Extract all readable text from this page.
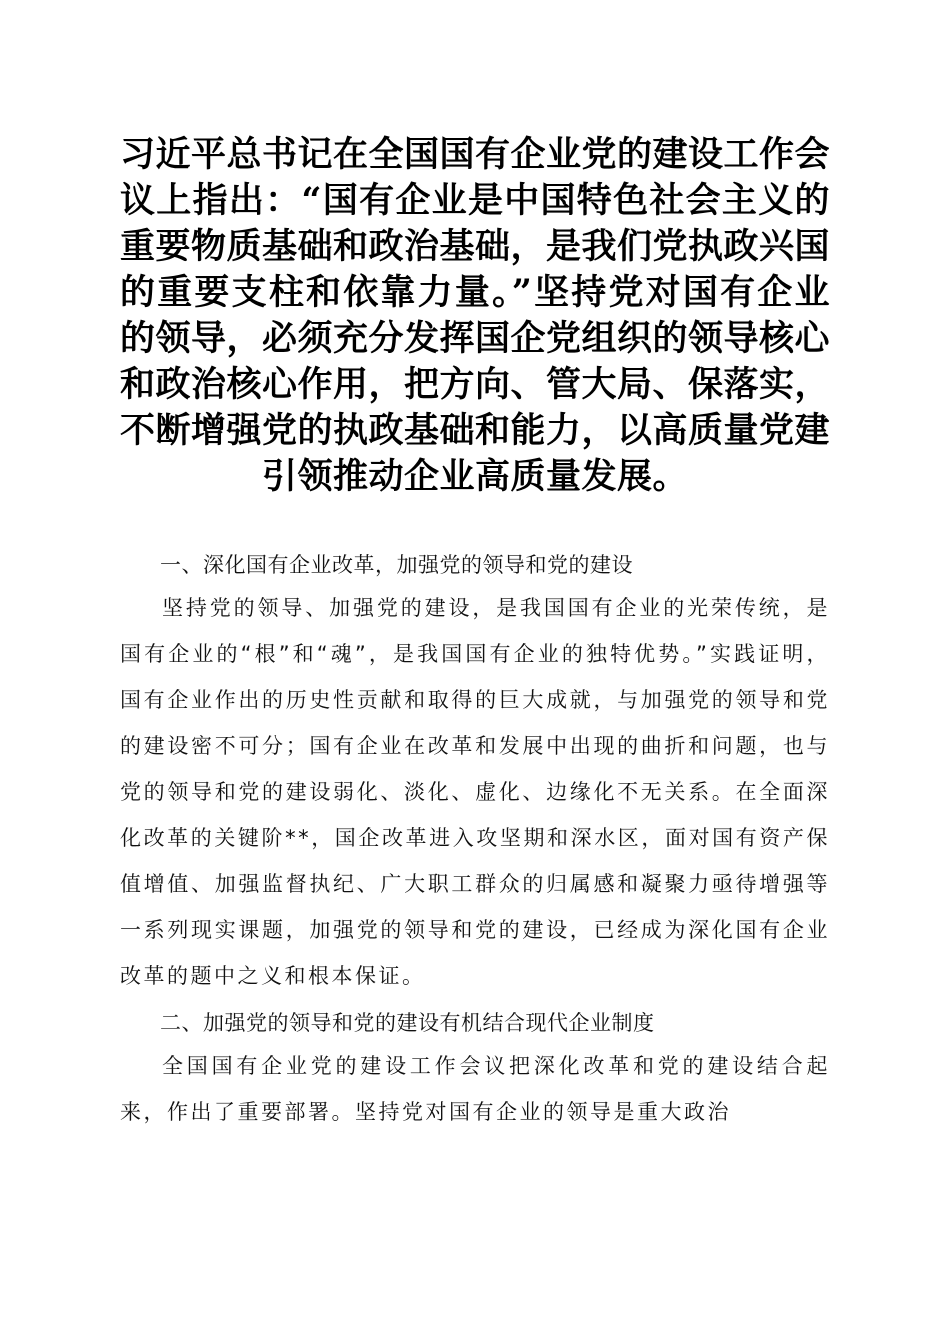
习近平总书记在全国国有企业党的建设工作会议上指出：“国有企业是中国特色社会主义的重要物质基础和政治基础，是我们党执政兴国的重要支柱和依靠力量。”坚持党对国有企业的领导，必须充分发挥国企党组织的领导核心和政治核心作用，把方向、管大局、保落实，不断增强党的执政基础和能力，以高质量党建引领推动企业高质量发展。
一、深化国有企业改革，加强党的领导和党的建设

坚持党的领导、加强党的建设，是我国国有企业的光荣传统，是国有企业的“根”和“魂”，是我国国有企业的独特优势。”实践证明，国有企业作出的历史性贡献和取得的巨大成就，与加强党的领导和党的建设密不可分；国有企业在改革和发展中出现的曲折和问题，也与党的领导和党的建设弱化、淡化、虚化、边缘化不无关系。在全面深化改革的关键阶**，国企改革进入攻坚期和深水区，面对国有资产保值增值、加强监督执纪、广大职工群众的归属感和凝聚力亟待增强等一系列现实课题，加强党的领导和党的建设，已经成为深化国有企业改革的题中之义和根本保证。

二、加强党的领导和党的建设有机结合现代企业制度

全国国有企业党的建设工作会议把深化改革和党的建设结合起来，作出了重要部署。坚持党对国有企业的领导是重大政治
